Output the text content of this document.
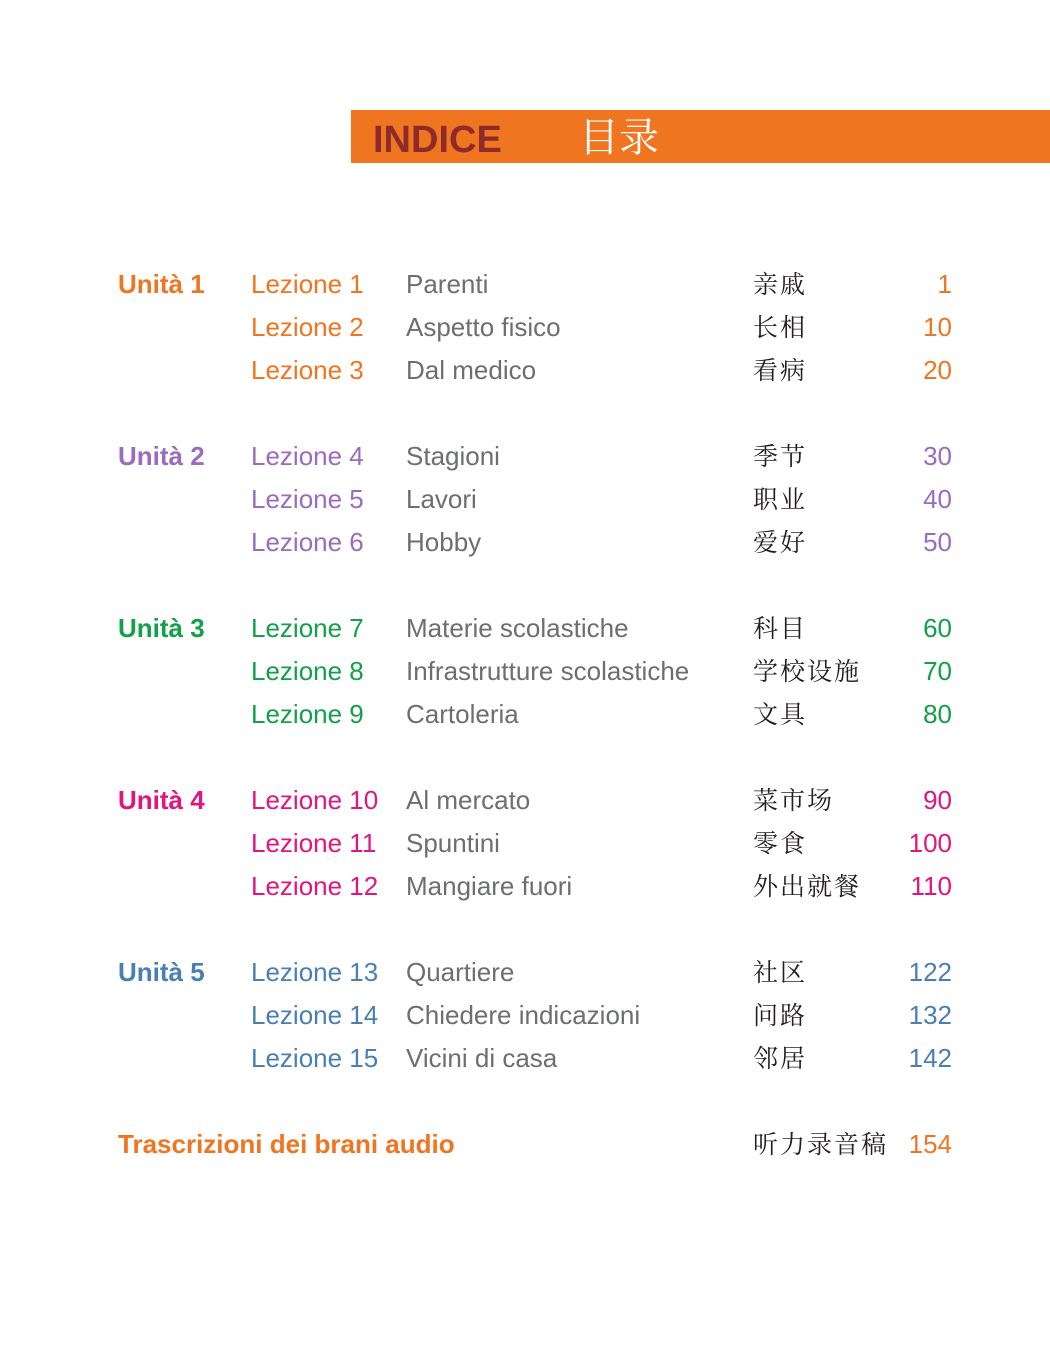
INDICE 目录
Unità 1 Lezione 1 Parenti	亲戚	1
Lezione 2 Aspetto fisico	长相	10
Lezione 3 Dal medico	看病	20
Unità 2 Lezione 4 Stagioni	季节	30
Lezione 5 Lavori	职业	40
Lezione 6 Hobby	爱好	50
Unità 3 Lezione 7 Materie scolastiche	科目	60
Lezione 8 Infrastrutture scolastiche	学校设施 70
Lezione 9 Cartoleria	文具	80
Unità 4 Lezione 10 Al mercato	菜市场	90
Lezione 11 Spuntini	零食	100
Lezione 12 Mangiare fuori	外出就餐 110
Unità 5 Lezione 13 Quartiere	社区	122
Lezione 14 Chiedere indicazioni	问路	132
Lezione 15 Vicini di casa	邻居	142
Trascrizioni dei brani audio	听力录音稿 154
